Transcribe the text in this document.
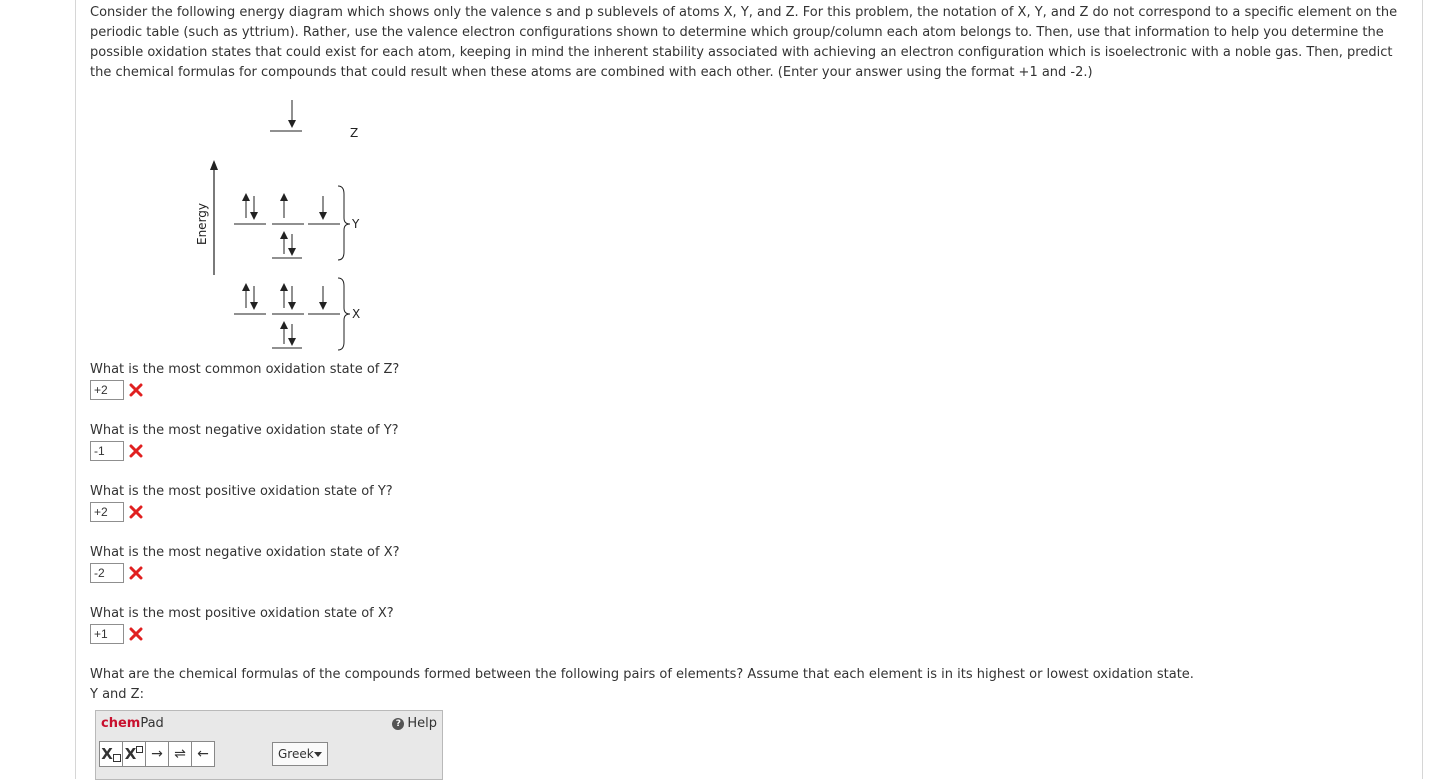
Consider the following energy diagram which shows only the valence s and p sublevels of atoms X, Y, and Z. For this problem, the notation of X, Y, and Z do not correspond to a specific element on the periodic table (such as yttrium). Rather, use the valence electron configurations shown to determine which group/column each atom belongs to. Then, use that information to help you determine the possible oxidation states that could exist for each atom, keeping in mind the inherent stability associated with achieving an electron configuration which is isoelectronic with a noble gas. Then, predict the chemical formulas for compounds that could result when these atoms are combined with each other. (Enter your answer using the format +1 and -2.)
Energy
Z
Y
X
What is the most common oxidation state of Z?
+2
What is the most negative oxidation state of Y?
-1
What is the most positive oxidation state of Y?
+2
What is the most negative oxidation state of X?
-2
What is the most positive oxidation state of X?
+1
What are the chemical formulas of the compounds formed between the following pairs of elements? Assume that each element is in its highest or lowest oxidation state.
Y and Z:
chemPad	? Help
X X	→ ⇌ ←	Greek
